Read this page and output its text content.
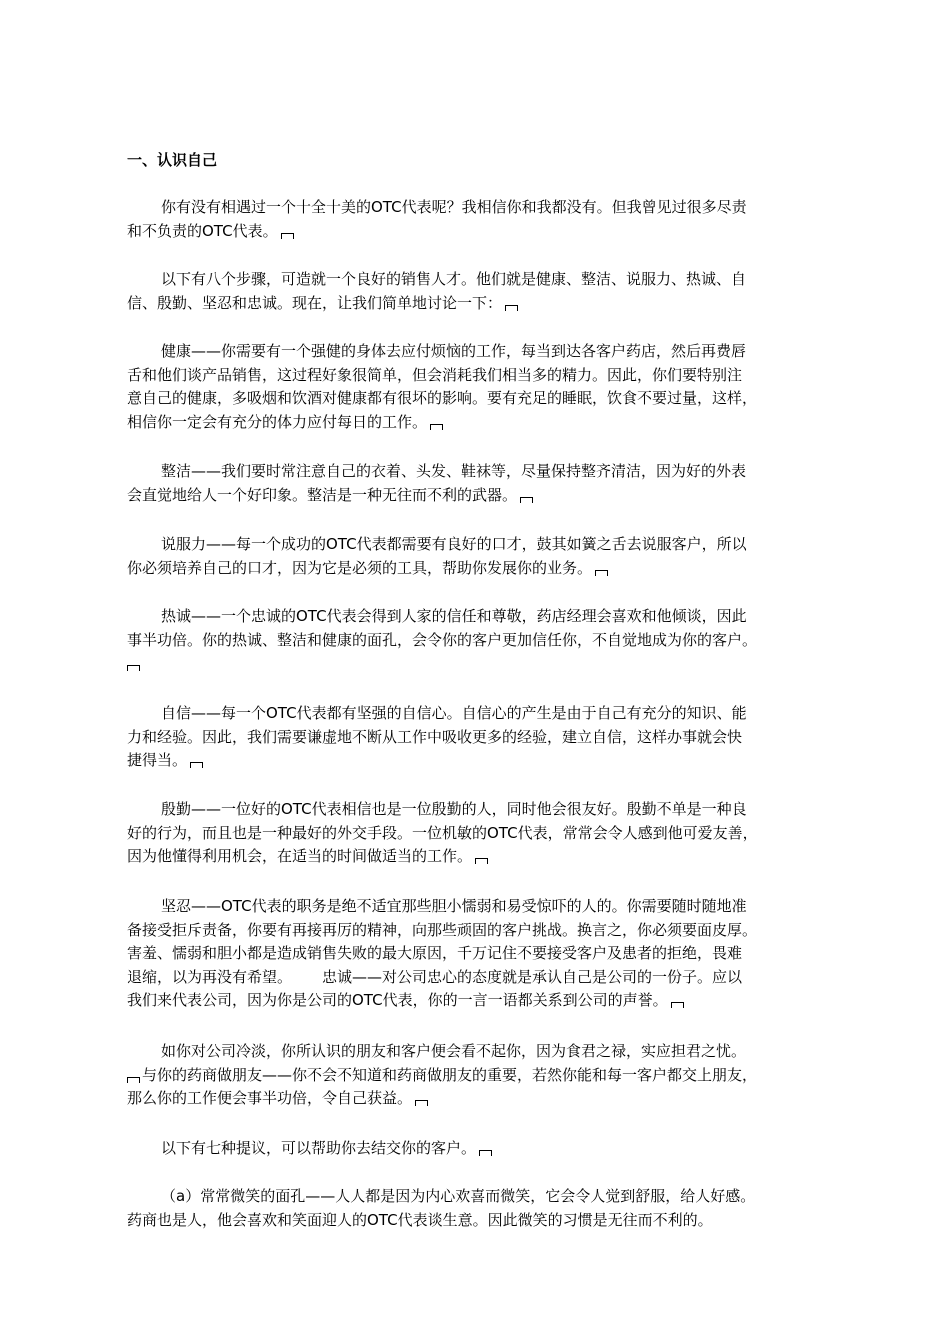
一、认识自己
你有没有相遇过一个十全十美的OTC代表呢？我相信你和我都没有。但我曾见过很多尽责
和不负责的OTC代表。
以下有八个步骤，可造就一个良好的销售人才。他们就是健康、整洁、说服力、热诚、自
信、殷勤、坚忍和忠诚。现在，让我们简单地讨论一下：
健康——你需要有一个强健的身体去应付烦恼的工作，每当到达各客户药店，然后再费唇
舌和他们谈产品销售，这过程好象很简单，但会消耗我们相当多的精力。因此，你们要特别注
意自己的健康，多吸烟和饮酒对健康都有很坏的影响。要有充足的睡眠，饮食不要过量，这样，
相信你一定会有充分的体力应付每日的工作。
整洁——我们要时常注意自己的衣着、头发、鞋袜等，尽量保持整齐清洁，因为好的外表
会直觉地给人一个好印象。整洁是一种无往而不利的武器。
说服力——每一个成功的OTC代表都需要有良好的口才，鼓其如簧之舌去说服客户，所以
你必须培养自己的口才，因为它是必须的工具，帮助你发展你的业务。
热诚——一个忠诚的OTC代表会得到人家的信任和尊敬，药店经理会喜欢和他倾谈，因此
事半功倍。你的热诚、整洁和健康的面孔，会令你的客户更加信任你，不自觉地成为你的客户。
自信——每一个OTC代表都有坚强的自信心。自信心的产生是由于自己有充分的知识、能
力和经验。因此，我们需要谦虚地不断从工作中吸收更多的经验，建立自信，这样办事就会快
捷得当。
殷勤——一位好的OTC代表相信也是一位殷勤的人，同时他会很友好。殷勤不单是一种良
好的行为，而且也是一种最好的外交手段。一位机敏的OTC代表，常常会令人感到他可爱友善，
因为他懂得利用机会，在适当的时间做适当的工作。
坚忍——OTC代表的职务是绝不适宜那些胆小懦弱和易受惊吓的人的。你需要随时随地准
备接受拒斥责备，你要有再接再厉的精神，向那些顽固的客户挑战。换言之，你必须要面皮厚。
害羞、懦弱和胆小都是造成销售失败的最大原因，千万记住不要接受客户及患者的拒绝，畏难
退缩，以为再没有希望。 忠诚——对公司忠心的态度就是承认自己是公司的一份子。应以
我们来代表公司，因为你是公司的OTC代表，你的一言一语都关系到公司的声誉。
如你对公司冷淡，你所认识的朋友和客户便会看不起你，因为食君之禄，实应担君之忧。
与你的药商做朋友——你不会不知道和药商做朋友的重要，若然你能和每一客户都交上朋友，
那么你的工作便会事半功倍，令自己获益。
以下有七种提议，可以帮助你去结交你的客户。
（a）常常微笑的面孔——人人都是因为内心欢喜而微笑，它会令人觉到舒服，给人好感。
药商也是人，他会喜欢和笑面迎人的OTC代表谈生意。因此微笑的习惯是无往而不利的。
